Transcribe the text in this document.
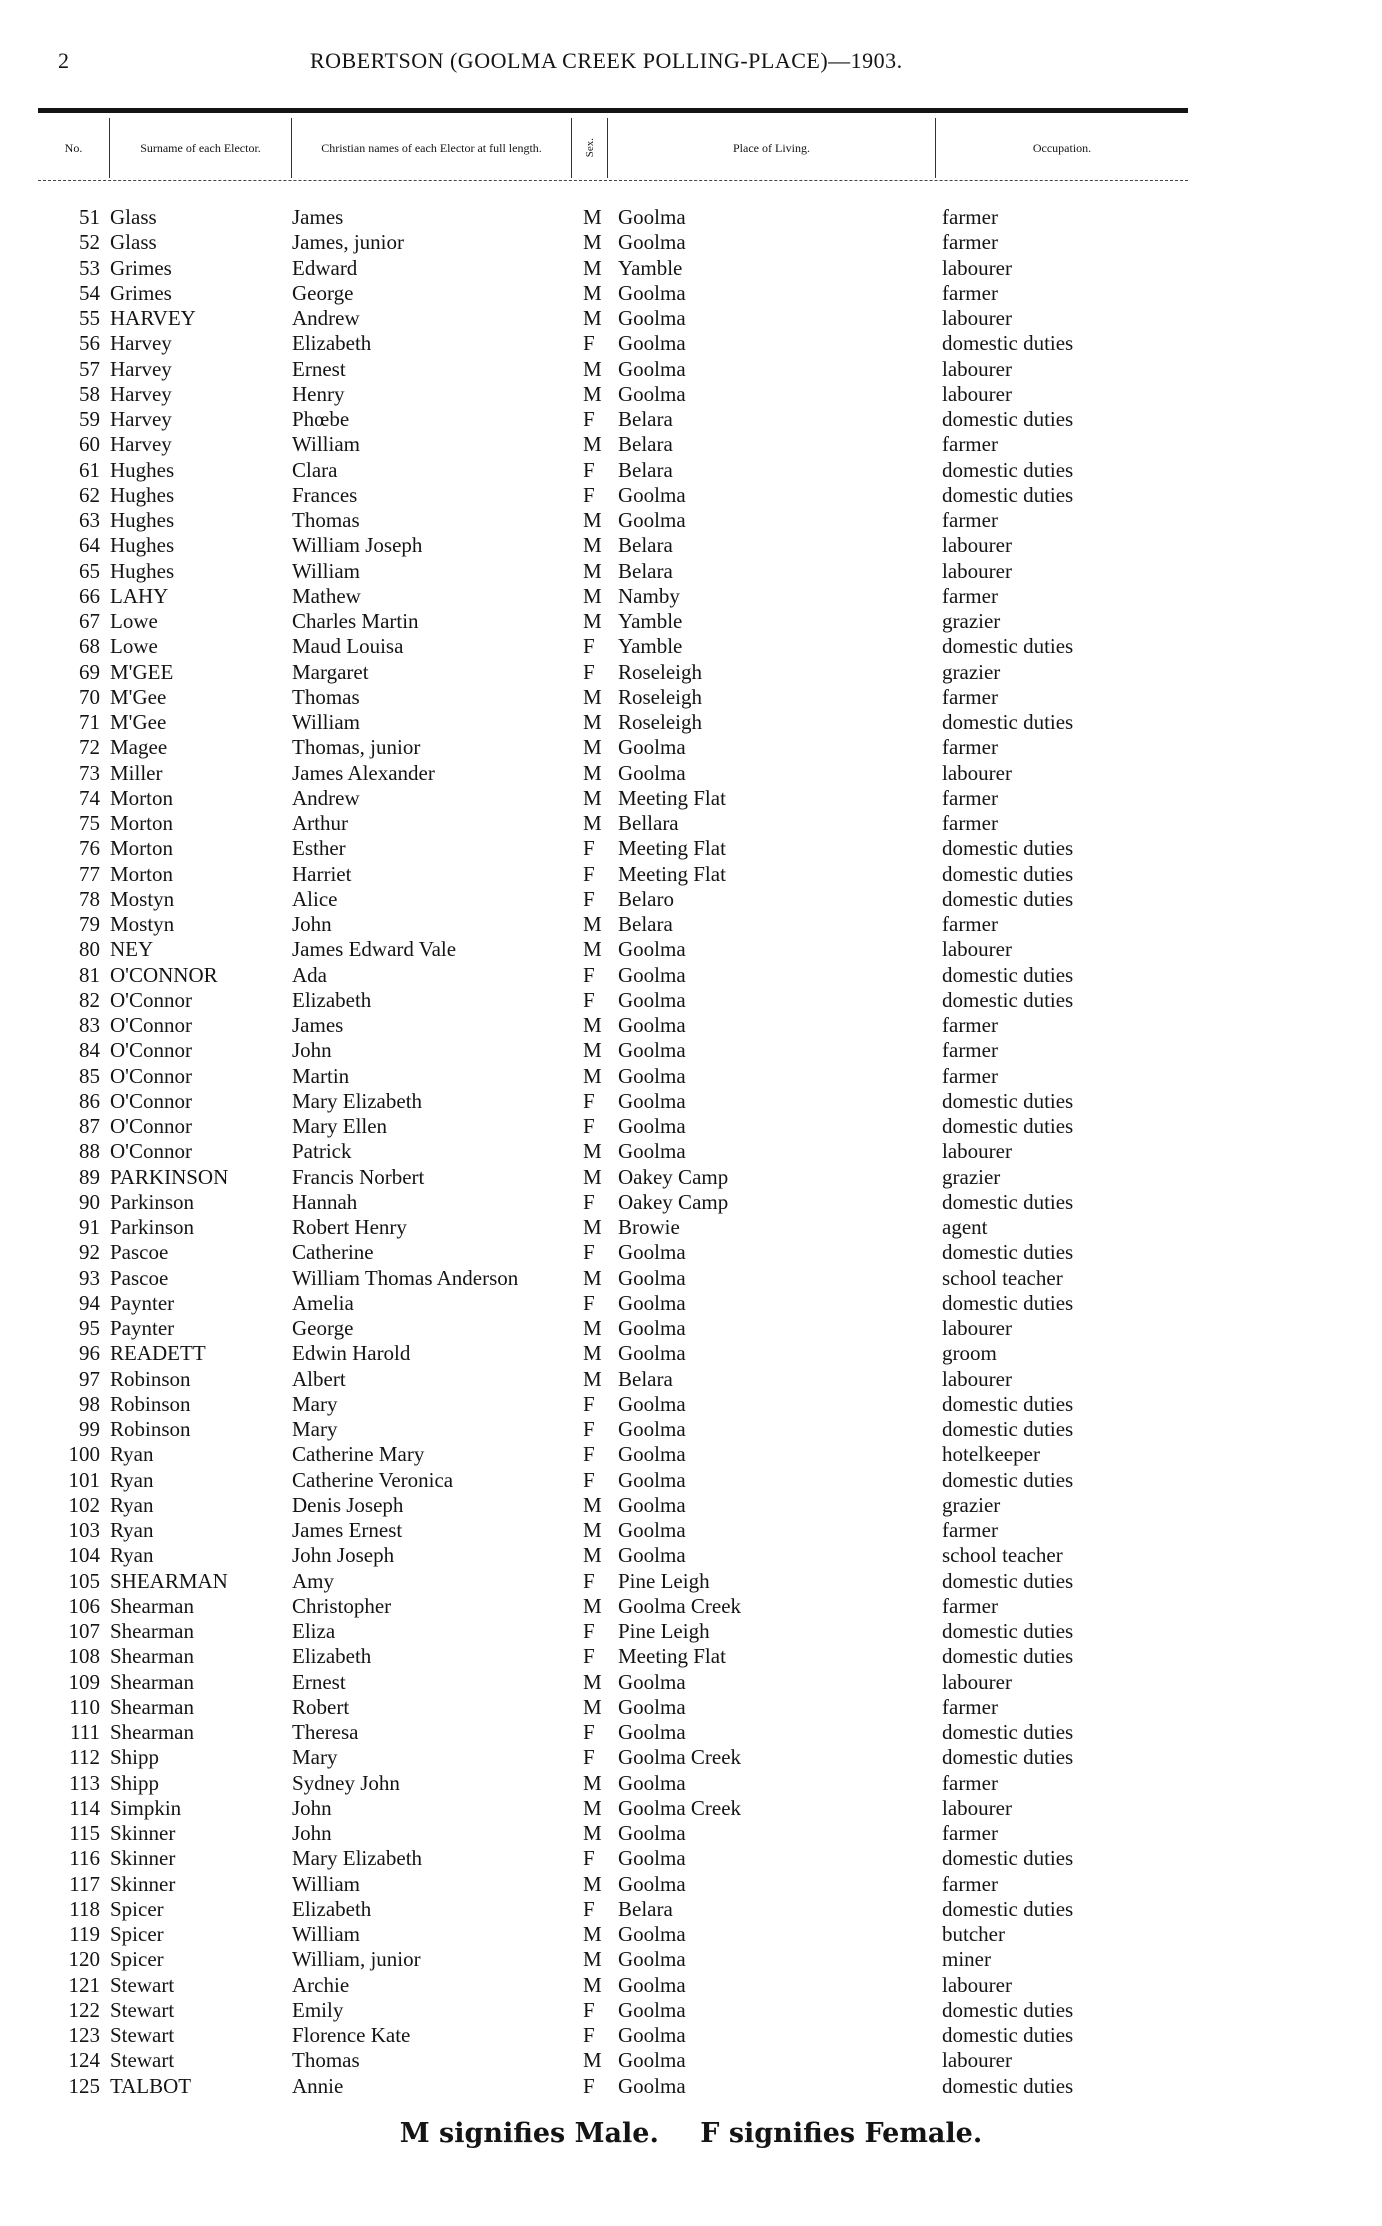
2	ROBERTSON (GOOLMA CREEK POLLING-PLACE)—1903.
No.	Surname of each Elector.	Christian names of each Elector at full length.	Sex.	Place of Living.	Occupation.
51 Glass	James	M Goolma	farmer
52 Glass	James, junior	M Goolma	farmer
53 Grimes	Edward	M Yamble	labourer
54 Grimes	George	M Goolma	farmer
55 HARVEY	Andrew	M Goolma	labourer
56 Harvey	Elizabeth	F Goolma	domestic duties
57 Harvey	Ernest	M Goolma	labourer
58 Harvey	Henry	M Goolma	labourer
59 Harvey	Phœbe	F Belara	domestic duties
60 Harvey	William	M Belara	farmer
61 Hughes	Clara	F Belara	domestic duties
62 Hughes	Frances	F Goolma	domestic duties
63 Hughes	Thomas	M Goolma	farmer
64 Hughes	William Joseph	M Belara	labourer
65 Hughes	William	M Belara	labourer
66 LAHY	Mathew	M Namby	farmer
67 Lowe	Charles Martin	M Yamble	grazier
68 Lowe	Maud Louisa	F Yamble	domestic duties
69 M'GEE	Margaret	F Roseleigh	grazier
70 M'Gee	Thomas	M Roseleigh	farmer
71 M'Gee	William	M Roseleigh	domestic duties
72 Magee	Thomas, junior	M Goolma	farmer
73 Miller	James Alexander	M Goolma	labourer
74 Morton	Andrew	M Meeting Flat	farmer
75 Morton	Arthur	M Bellara	farmer
76 Morton	Esther	F Meeting Flat	domestic duties
77 Morton	Harriet	F Meeting Flat	domestic duties
78 Mostyn	Alice	F Belaro	domestic duties
79 Mostyn	John	M Belara	farmer
80 NEY	James Edward Vale	M Goolma	labourer
81 O'CONNOR	Ada	F Goolma	domestic duties
82 O'Connor	Elizabeth	F Goolma	domestic duties
83 O'Connor	James	M Goolma	farmer
84 O'Connor	John	M Goolma	farmer
85 O'Connor	Martin	M Goolma	farmer
86 O'Connor	Mary Elizabeth	F Goolma	domestic duties
87 O'Connor	Mary Ellen	F Goolma	domestic duties
88 O'Connor	Patrick	M Goolma	labourer
89 PARKINSON	Francis Norbert	M Oakey Camp	grazier
90 Parkinson	Hannah	F Oakey Camp	domestic duties
91 Parkinson	Robert Henry	M Browie	agent
92 Pascoe	Catherine	F Goolma	domestic duties
93 Pascoe	William Thomas Anderson	M Goolma	school teacher
94 Paynter	Amelia	F Goolma	domestic duties
95 Paynter	George	M Goolma	labourer
96 READETT	Edwin Harold	M Goolma	groom
97 Robinson	Albert	M Belara	labourer
98 Robinson	Mary	F Goolma	domestic duties
99 Robinson	Mary	F Goolma	domestic duties
100 Ryan	Catherine Mary	F Goolma	hotelkeeper
101 Ryan	Catherine Veronica	F Goolma	domestic duties
102 Ryan	Denis Joseph	M Goolma	grazier
103 Ryan	James Ernest	M Goolma	farmer
104 Ryan	John Joseph	M Goolma	school teacher
105 SHEARMAN	Amy	F Pine Leigh	domestic duties
106 Shearman	Christopher	M Goolma Creek	farmer
107 Shearman	Eliza	F Pine Leigh	domestic duties
108 Shearman	Elizabeth	F Meeting Flat	domestic duties
109 Shearman	Ernest	M Goolma	labourer
110 Shearman	Robert	M Goolma	farmer
111 Shearman	Theresa	F Goolma	domestic duties
112 Shipp	Mary	F Goolma Creek	domestic duties
113 Shipp	Sydney John	M Goolma	farmer
114 Simpkin	John	M Goolma Creek	labourer
115 Skinner	John	M Goolma	farmer
116 Skinner	Mary Elizabeth	F Goolma	domestic duties
117 Skinner	William	M Goolma	farmer
118 Spicer	Elizabeth	F Belara	domestic duties
119 Spicer	William	M Goolma	butcher
120 Spicer	William, junior	M Goolma	miner
121 Stewart	Archie	M Goolma	labourer
122 Stewart	Emily	F Goolma	domestic duties
123 Stewart	Florence Kate	F Goolma	domestic duties
124 Stewart	Thomas	M Goolma	labourer
125 TALBOT	Annie	F Goolma	domestic duties
M signifies Male. F signifies Female.
